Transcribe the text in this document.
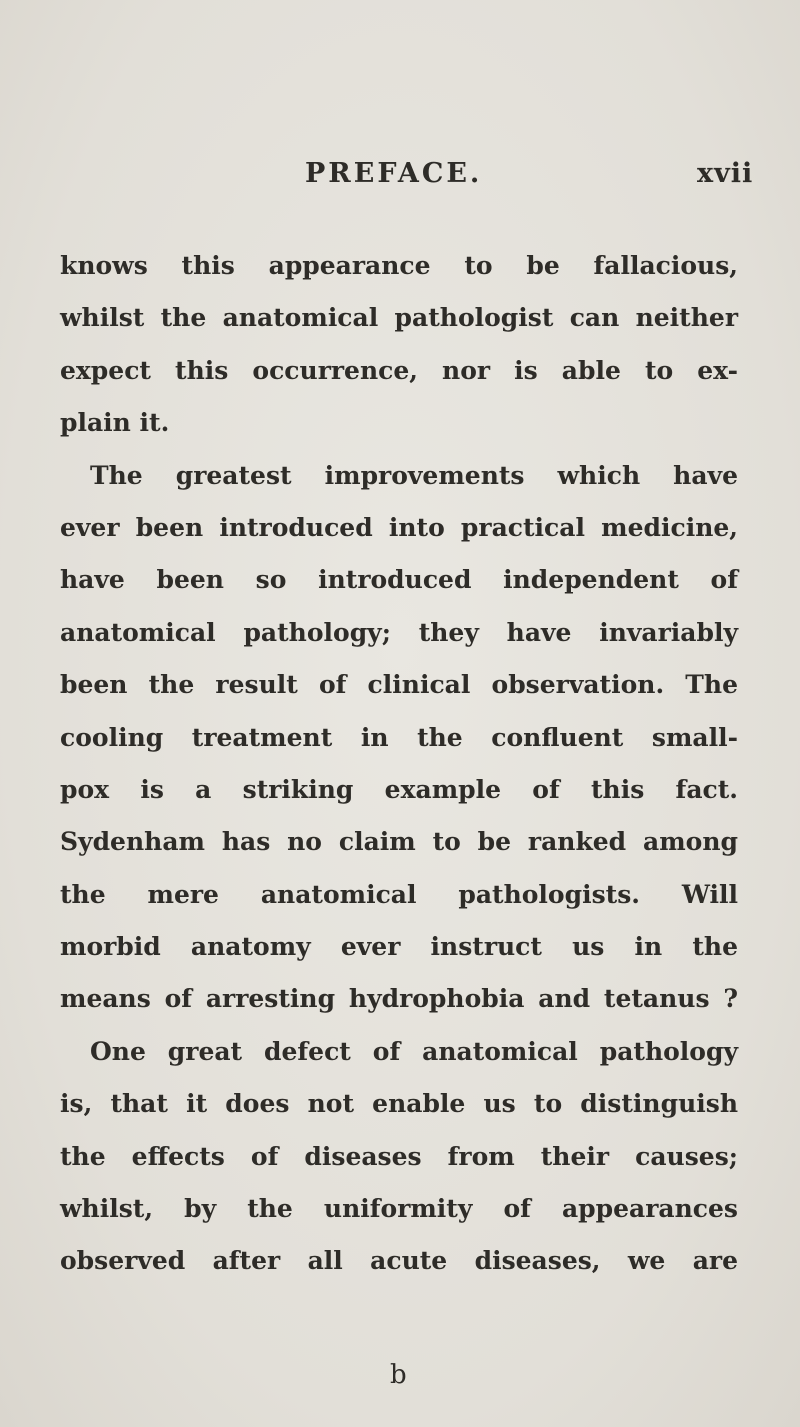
PREFACE.	xvii
knows this appearance to be fallacious,
whilst the anatomical pathologist can neither
expect this occurrence, nor is able to ex-
plain it.
The greatest improvements which have
ever been introduced into practical medicine,
have been so introduced independent of
anatomical pathology; they have invariably
been the result of clinical observation. The
cooling treatment in the confluent small-
pox is a striking example of this fact.
Sydenham has no claim to be ranked among
the mere anatomical pathologists. Will
morbid anatomy ever instruct us in the
means of arresting hydrophobia and tetanus ?
One great defect of anatomical pathology
is, that it does not enable us to distinguish
the effects of diseases from their causes;
whilst, by the uniformity of appearances
observed after all acute diseases, we are
b
